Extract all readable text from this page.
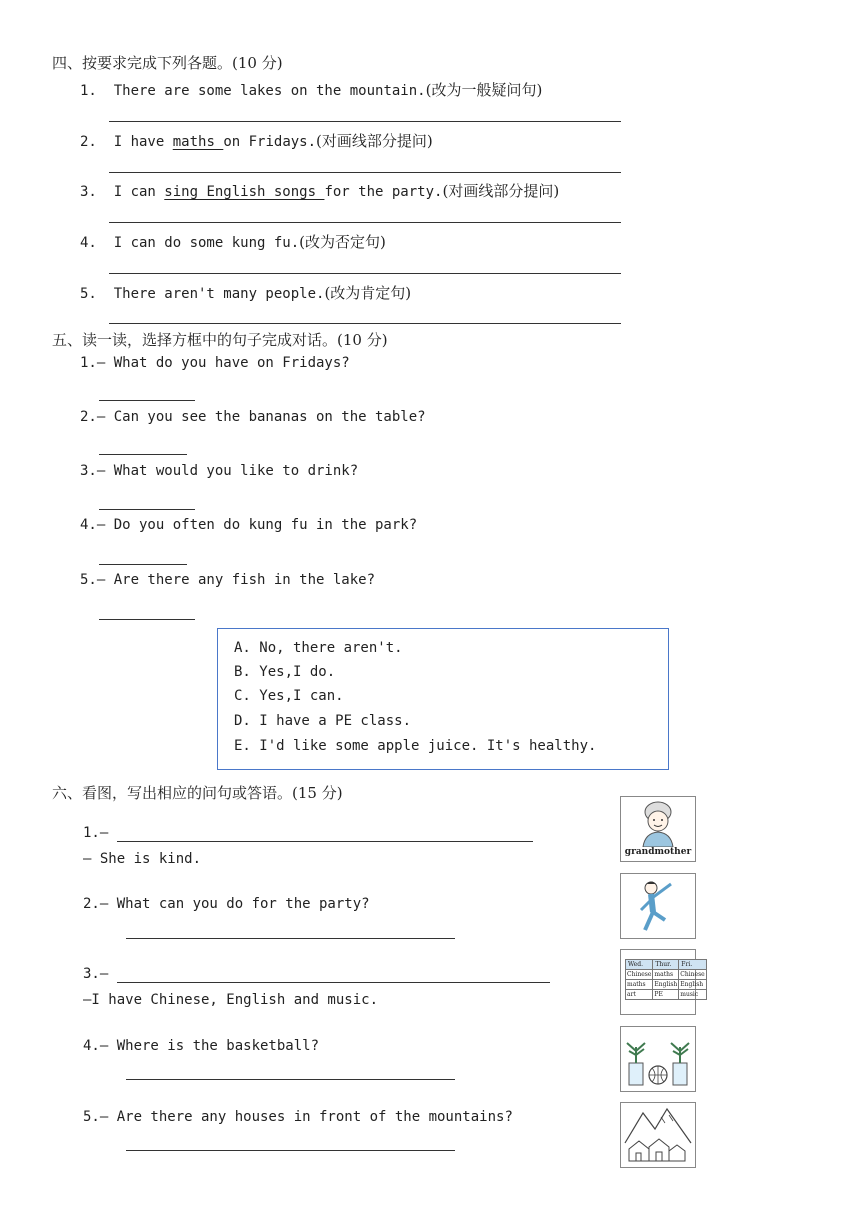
四、按要求完成下列各题。(10 分)
1. There are some lakes on the mountain.(改为一般疑问句)
2. I have maths on Fridays.(对画线部分提问)
3. I can sing English songs for the party.(对画线部分提问)
4. I can do some kung fu.(改为否定句)
5. There aren't many people.(改为肯定句)
五、读一读，选择方框中的句子完成对话。(10 分)
1.— What do you have on Fridays?
2.— Can you see the bananas on the table?
3.— What would you like to drink?
4.— Do you often do kung fu in the park?
5.— Are there any fish in the lake?
A. No, there aren't.
B. Yes,I do.
C. Yes,I can.
D. I have a PE class.
E. I'd like some apple juice. It's healthy.
六、看图，写出相应的问句或答语。(15 分)
1.—
— She is kind.
2.— What can you do for the party?
3.—
—I have Chinese, English and music.
4.— Where is the basketball?
5.— Are there any houses in front of the mountains?
grandmother
Wed.	Thur.	Fri.
Chinese	maths	Chinese
maths	English	English
art	PE	music
